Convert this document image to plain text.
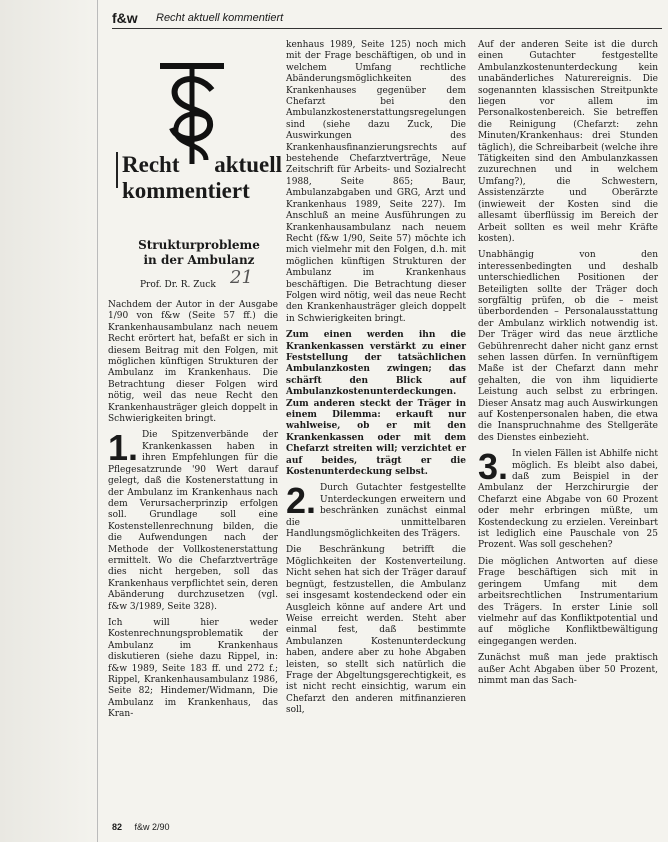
f&w Recht aktuell kommentiert
Recht aktuell kommentiert
Strukturprobleme in der Ambulanz
Prof. Dr. R. Zuck 21

Nachdem der Autor in der Ausgabe 1/90 von f&w (Seite 57 ff.) die Krankenhausambulanz nach neuem Recht erörtert hat, befaßt er sich in diesem Beitrag mit den Folgen, mit möglichen künftigen Strukturen der Ambulanz im Krankenhaus. Die Betrachtung dieser Folgen wird nötig, weil das neue Recht den Krankenhausträger gleich doppelt in Schwierigkeiten bringt.

1. Die Spitzenverbände der Krankenkassen haben in ihren Empfehlungen für die Pflegesatzrunde '90 Wert darauf gelegt, daß die Kostenerstattung in der Ambulanz im Krankenhaus nach dem Verursacherprinzip erfolgen soll. Grundlage soll eine Kostenstellenrechnung bilden, die die Aufwendungen nach der Methode der Vollkostenerstattung ermittelt. Wo die Chefarztverträge dies nicht hergeben, soll das Krankenhaus verpflichtet sein, deren Abänderung durchzusetzen (vgl. f&w 3/1989, Seite 328).

Ich will hier weder Kostenrechnungsproblematik der Ambulanz im Krankenhaus diskutieren (siehe dazu Rippel, in: f&w 1989, Seite 183 ff. und 272 f.; Rippel, Krankenhausambulanz 1986, Seite 82; Hindemer/Widmann, Die Ambulanz im Krankenhaus, das Kran-

kenhaus 1989, Seite 125) noch mich mit der Frage beschäftigen, ob und in welchem Umfang rechtliche Abänderungsmöglichkeiten des Krankenhauses gegenüber dem Chefarzt bei den Ambulanzkostenerstattungsregelungen sind (siehe dazu Zuck, Die Auswirkungen des Krankenhausfinanzierungsrechts auf bestehende Chefarztverträge, Neue Zeitschrift für Arbeits- und Sozialrecht 1988, Seite 865; Baur, Ambulanzabgaben und GRG, Arzt und Krankenhaus 1989, Seite 227). Im Anschluß an meine Ausführungen zu Krankenhausambulanz nach neuem Recht (f&w 1/90, Seite 57) möchte ich mich vielmehr mit den Folgen, d.h. mit möglichen künftigen Strukturen der Ambulanz im Krankenhaus beschäftigen. Die Betrachtung dieser Folgen wird nötig, weil das neue Recht den Krankenhausträger gleich doppelt in Schwierigkeiten bringt.

Zum einen werden ihn die Krankenkassen verstärkt zu einer Feststellung der tatsächlichen Ambulanzkosten zwingen; das schärft den Blick auf Ambulanzkostenunterdeckungen. Zum anderen steckt der Träger in einem Dilemma: erkauft nur wahlweise, ob er mit den Krankenkassen oder mit dem Chefarzt streiten will; verzichtet er auf beides, trägt er die Kostenunterdeckung selbst.

2. Durch Gutachter festgestellte Unterdeckungen erweitern und beschränken zunächst einmal die unmittelbaren Handlungsmöglichkeiten des Trägers.

Die Beschränkung betrifft die Möglichkeiten der Kostenverteilung. Nicht sehen hat sich der Träger darauf begnügt, festzustellen, die Ambulanz sei insgesamt kostendeckend oder ein Ausgleich könne auf andere Art und Weise erreicht werden. Steht aber einmal fest, daß bestimmte Ambulanzen Kostenunterdeckung haben, andere aber zu hohe Abgaben leisten, so stellt sich natürlich die Frage der Abgeltungsgerechtigkeit, es ist nicht recht einsichtig, warum ein Chefarzt den anderen mitfinanzieren soll,

Auf der anderen Seite ist die durch einen Gutachter festgestellte Ambulanzkostenunterdeckung kein unabänderliches Naturereignis. Die sogenannten klassischen Streitpunkte liegen vor allem im Personalkostenbereich. Sie betreffen die Reinigung (Chefarzt: zehn Minuten/Krankenhaus: drei Stunden täglich), die Schreibarbeit (welche ihre Tätigkeiten sind den Ambulanzkassen zuzurechnen und in welchem Umfang?), die Schwestern, Assistenzärzte und Oberärzte (inwieweit der Kosten sind die allesamt überflüssig im Bereich der Arbeit sollten es weil mehr Kräfte kosten).

Unabhängig von den interessenbedingten und deshalb unterschiedlichen Positionen der Beteiligten sollte der Träger doch sorgfältig prüfen, ob die – meist überbordenden – Personalausstattung der Ambulanz wirklich notwendig ist. Der Träger wird das neue ärztliche Gebührenrecht daher nicht ganz ernst sehen lassen dürfen. In vernünftigem Maße ist der Chefarzt dann mehr gehalten, die von ihm liquidierte Leistung auch selbst zu erbringen. Dieser Ansatz mag auch Auswirkungen auf Kostenpersonalen haben, die etwa die Inanspruchnahme des Stellgeräte des Dienstes einbezieht.

3. In vielen Fällen ist Abhilfe nicht möglich. Es bleibt also dabei, daß zum Beispiel in der Ambulanz der Herzchirurgie der Chefarzt eine Abgabe von 60 Prozent oder mehr erbringen müßte, um Kostendeckung zu erzielen. Vereinbart ist lediglich eine Pauschale von 25 Prozent. Was soll geschehen?

Die möglichen Antworten auf diese Frage beschäftigen sich mit in geringem Umfang mit dem arbeitsrechtlichen Instrumentarium des Trägers. In erster Linie soll vielmehr auf das Konfliktpotential und auf mögliche Konfliktbewältigung eingegangen werden.

Zunächst muß man jede praktisch außer Acht Abgaben über 50 Prozent, nimmt man das Sach-

82 f&w 2/90
